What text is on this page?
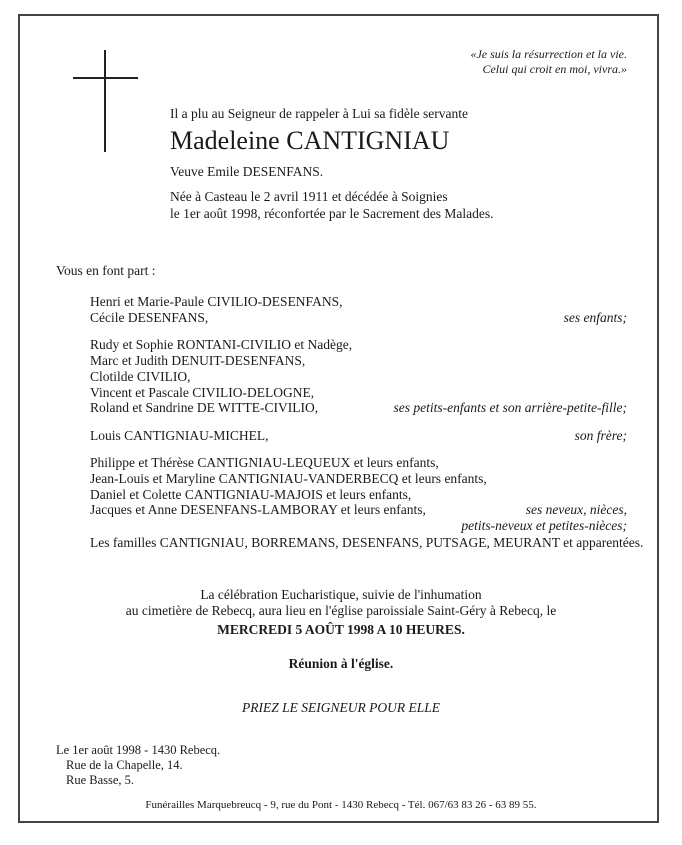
«Je suis la résurrection et la vie.
Celui qui croit en moi, vivra.»
Il a plu au Seigneur de rappeler à Lui sa fidèle servante
Madeleine CANTIGNIAU
Veuve Emile DESENFANS.
Née à Casteau le 2 avril 1911 et décédée à Soignies
le 1er août 1998, réconfortée par le Sacrement des Malades.
Vous en font part :
Henri et Marie-Paule CIVILIO-DESENFANS,
Cécile DESENFANS,	ses enfants;
Rudy et Sophie RONTANI-CIVILIO et Nadège,
Marc et Judith DENUIT-DESENFANS,
Clotilde CIVILIO,
Vincent et Pascale CIVILIO-DELOGNE,
Roland et Sandrine DE WITTE-CIVILIO,	ses petits-enfants et son arrière-petite-fille;
Louis CANTIGNIAU-MICHEL,	son frère;
Philippe et Thérèse CANTIGNIAU-LEQUEUX et leurs enfants,
Jean-Louis et Maryline CANTIGNIAU-VANDERBECQ et leurs enfants,
Daniel et Colette CANTIGNIAU-MAJOIS et leurs enfants,
Jacques et Anne DESENFANS-LAMBORAY et leurs enfants,	ses neveux, nièces,
petits-neveux et petites-nièces;
Les familles CANTIGNIAU, BORREMANS, DESENFANS, PUTSAGE, MEURANT et apparentées.
La célébration Eucharistique, suivie de l'inhumation
au cimetière de Rebecq, aura lieu en l'église paroissiale Saint-Géry à Rebecq, le
MERCREDI 5 AOÛT 1998 A 10 HEURES.
Réunion à l'église.
PRIEZ LE SEIGNEUR POUR ELLE
Le 1er août 1998 - 1430 Rebecq.
Rue de la Chapelle, 14.
Rue Basse, 5.
Funérailles Marquebreucq - 9, rue du Pont - 1430 Rebecq - Tél. 067/63 83 26 - 63 89 55.
